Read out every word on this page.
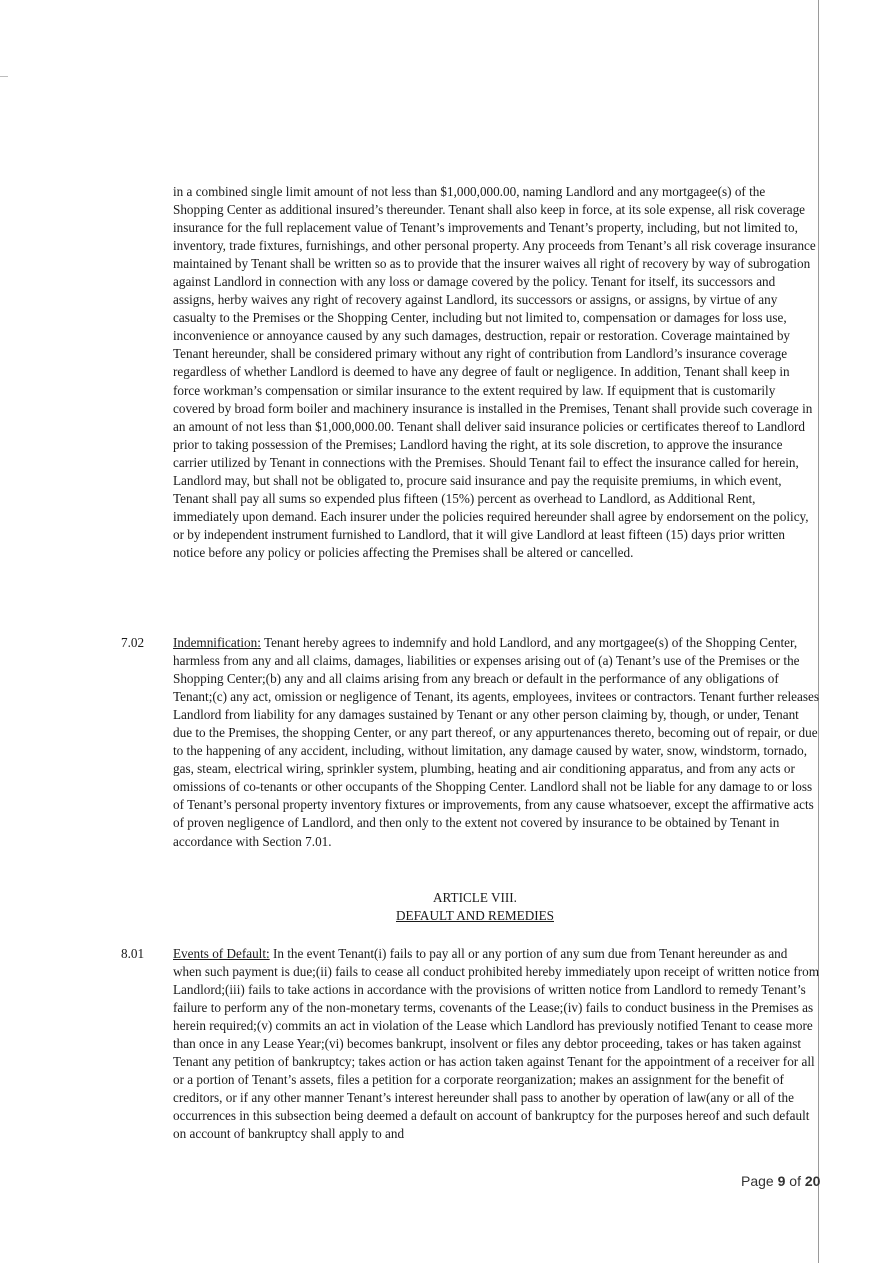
in a combined single limit amount of not less than $1,000,000.00, naming Landlord and any mortgagee(s) of the Shopping Center as additional insured’s thereunder. Tenant shall also keep in force, at its sole expense, all risk coverage insurance for the full replacement value of Tenant’s improvements and Tenant’s property, including, but not limited to, inventory, trade fixtures, furnishings, and other personal property. Any proceeds from Tenant’s all risk coverage insurance maintained by Tenant shall be written so as to provide that the insurer waives all right of recovery by way of subrogation against Landlord in connection with any loss or damage covered by the policy. Tenant for itself, its successors and assigns, herby waives any right of recovery against Landlord, its successors or assigns, or assigns, by virtue of any casualty to the Premises or the Shopping Center, including but not limited to, compensation or damages for loss use, inconvenience or annoyance caused by any such damages, destruction, repair or restoration. Coverage maintained by Tenant hereunder, shall be considered primary without any right of contribution from Landlord’s insurance coverage regardless of whether Landlord is deemed to have any degree of fault or negligence. In addition, Tenant shall keep in force workman’s compensation or similar insurance to the extent required by law. If equipment that is customarily covered by broad form boiler and machinery insurance is installed in the Premises, Tenant shall provide such coverage in an amount of not less than $1,000,000.00. Tenant shall deliver said insurance policies or certificates thereof to Landlord prior to taking possession of the Premises; Landlord having the right, at its sole discretion, to approve the insurance carrier utilized by Tenant in connections with the Premises. Should Tenant fail to effect the insurance called for herein, Landlord may, but shall not be obligated to, procure said insurance and pay the requisite premiums, in which event, Tenant shall pay all sums so expended plus fifteen (15%) percent as overhead to Landlord, as Additional Rent, immediately upon demand. Each insurer under the policies required hereunder shall agree by endorsement on the policy, or by independent instrument furnished to Landlord, that it will give Landlord at least fifteen (15) days prior written notice before any policy or policies affecting the Premises shall be altered or cancelled.
7.02 Indemnification: Tenant hereby agrees to indemnify and hold Landlord, and any mortgagee(s) of the Shopping Center, harmless from any and all claims, damages, liabilities or expenses arising out of (a) Tenant’s use of the Premises or the Shopping Center;(b) any and all claims arising from any breach or default in the performance of any obligations of Tenant;(c) any act, omission or negligence of Tenant, its agents, employees, invitees or contractors. Tenant further releases Landlord from liability for any damages sustained by Tenant or any other person claiming by, though, or under, Tenant due to the Premises, the shopping Center, or any part thereof, or any appurtenances thereto, becoming out of repair, or due to the happening of any accident, including, without limitation, any damage caused by water, snow, windstorm, tornado, gas, steam, electrical wiring, sprinkler system, plumbing, heating and air conditioning apparatus, and from any acts or omissions of co-tenants or other occupants of the Shopping Center. Landlord shall not be liable for any damage to or loss of Tenant’s personal property inventory fixtures or improvements, from any cause whatsoever, except the affirmative acts of proven negligence of Landlord, and then only to the extent not covered by insurance to be obtained by Tenant in accordance with Section 7.01.
ARTICLE VIII.
DEFAULT AND REMEDIES
8.01 Events of Default: In the event Tenant(i) fails to pay all or any portion of any sum due from Tenant hereunder as and when such payment is due;(ii) fails to cease all conduct prohibited hereby immediately upon receipt of written notice from Landlord;(iii) fails to take actions in accordance with the provisions of written notice from Landlord to remedy Tenant’s failure to perform any of the non-monetary terms, covenants of the Lease;(iv) fails to conduct business in the Premises as herein required;(v) commits an act in violation of the Lease which Landlord has previously notified Tenant to cease more than once in any Lease Year;(vi) becomes bankrupt, insolvent or files any debtor proceeding, takes or has taken against Tenant any petition of bankruptcy; takes action or has action taken against Tenant for the appointment of a receiver for all or a portion of Tenant’s assets, files a petition for a corporate reorganization; makes an assignment for the benefit of creditors, or if any other manner Tenant’s interest hereunder shall pass to another by operation of law(any or all of the occurrences in this subsection being deemed a default on account of bankruptcy for the purposes hereof and such default on account of bankruptcy shall apply to and
Page 9 of 20
